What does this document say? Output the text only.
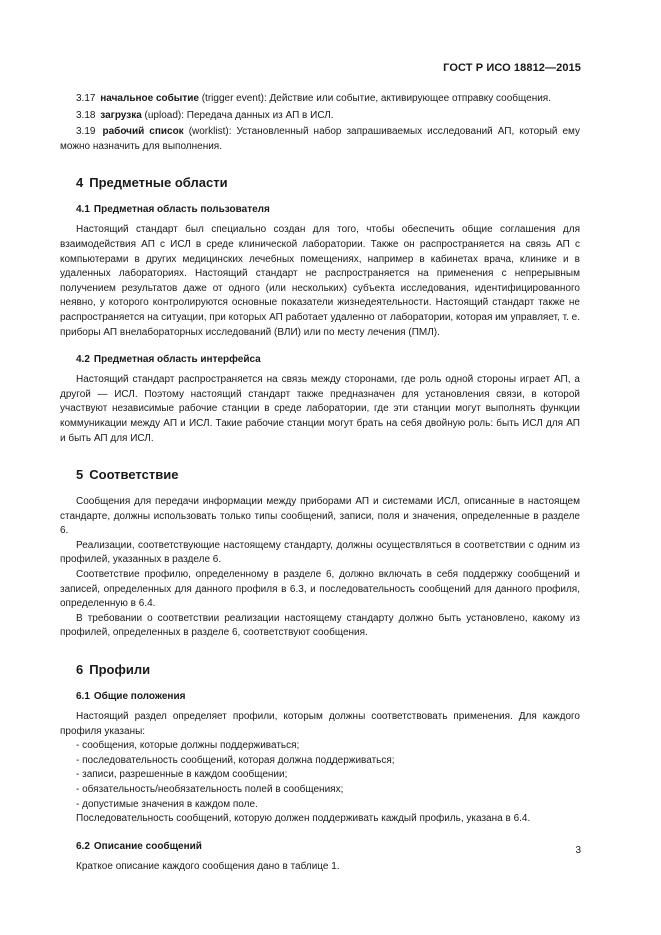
ГОСТ Р ИСО 18812—2015

3.17 начальное событие (trigger event): Действие или событие, активирующее отправку сообщения.

3.18 загрузка (upload): Передача данных из АП в ИСЛ.

3.19 рабочий список (worklist): Установленный набор запрашиваемых исследований АП, который ему можно назначить для выполнения.

4 Предметные области
4.1 Предметная область пользователя

Настоящий стандарт был специально создан для того, чтобы обеспечить общие соглашения для взаимодействия АП с ИСЛ в среде клинической лаборатории. Также он распространяется на связь АП с компьютерами в других медицинских лечебных помещениях, например в кабинетах врача, клинике и в удаленных лабораториях. Настоящий стандарт не распространяется на применения с непрерывным получением результатов даже от одного (или нескольких) субъекта исследования, идентифицированного неявно, у которого контролируются основные показатели жизнедеятельности. Настоящий стандарт также не распространяется на ситуации, при которых АП работает удаленно от лаборатории, которая им управляет, т. е. приборы АП внелабораторных исследований (ВЛИ) или по месту лечения (ПМЛ).

4.2 Предметная область интерфейса

Настоящий стандарт распространяется на связь между сторонами, где роль одной стороны играет АП, а другой — ИСЛ. Поэтому настоящий стандарт также предназначен для установления связи, в которой участвуют независимые рабочие станции в среде лаборатории, где эти станции могут выполнять функции коммуникации между АП и ИСЛ. Такие рабочие станции могут брать на себя двойную роль: быть ИСЛ для АП и быть АП для ИСЛ.

5 Соответствие

Сообщения для передачи информации между приборами АП и системами ИСЛ, описанные в настоящем стандарте, должны использовать только типы сообщений, записи, поля и значения, определенные в разделе 6.

Реализации, соответствующие настоящему стандарту, должны осуществляться в соответствии с одним из профилей, указанных в разделе 6.

Соответствие профилю, определенному в разделе 6, должно включать в себя поддержку сообщений и записей, определенных для данного профиля в 6.3, и последовательность сообщений для данного профиля, определенную в 6.4.

В требовании о соответствии реализации настоящему стандарту должно быть установлено, какому из профилей, определенных в разделе 6, соответствуют сообщения.

6 Профили
6.1 Общие положения

Настоящий раздел определяет профили, которым должны соответствовать применения. Для каждого профиля указаны:

- сообщения, которые должны поддерживаться;

- последовательность сообщений, которая должна поддерживаться;

- записи, разрешенные в каждом сообщении;

- обязательность/необязательность полей в сообщениях;

- допустимые значения в каждом поле.

Последовательность сообщений, которую должен поддерживать каждый профиль, указана в 6.4.

6.2 Описание сообщений

Краткое описание каждого сообщения дано в таблице 1.

3
